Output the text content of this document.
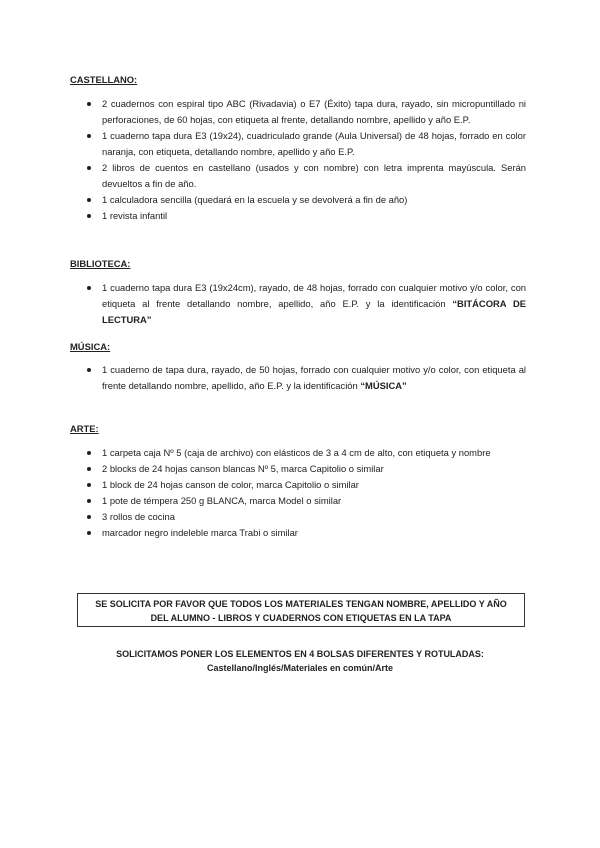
CASTELLANO:
2 cuadernos con espiral tipo ABC (Rivadavia) o E7 (Éxito) tapa dura, rayado, sin micropuntillado ni perforaciones, de 60 hojas, con etiqueta al frente, detallando nombre, apellido y año E.P.
1 cuaderno tapa dura E3 (19x24), cuadriculado grande (Aula Universal) de 48 hojas, forrado en color naranja, con etiqueta, detallando nombre, apellido y año E.P.
2 libros de cuentos en castellano (usados y con nombre) con letra imprenta mayúscula. Serán devueltos a fin de año.
1 calculadora sencilla (quedará en la escuela y se devolverá a fin de año)
1 revista infantil
BIBLIOTECA:
1 cuaderno tapa dura E3 (19x24cm), rayado, de 48 hojas, forrado con cualquier motivo y/o color, con etiqueta al frente detallando nombre, apellido, año E.P. y la identificación “BITÁCORA DE LECTURA”
MÚSICA:
1 cuaderno de tapa dura, rayado, de 50 hojas, forrado con cualquier motivo y/o color, con etiqueta al frente detallando nombre, apellido, año E.P. y la identificación “MÚSICA”
ARTE:
1 carpeta caja Nº 5 (caja de archivo) con elásticos de 3 a 4 cm de alto, con etiqueta y nombre
2 blocks de 24 hojas canson blancas Nº 5, marca Capitolio o similar
1 block de 24 hojas canson de color, marca Capitolio o similar
1 pote de témpera 250 g BLANCA, marca Model o similar
3 rollos de cocina
marcador negro indeleble marca Trabi o similar
SE SOLICITA POR FAVOR QUE TODOS LOS MATERIALES TENGAN NOMBRE, APELLIDO Y AÑO
DEL ALUMNO - LIBROS Y CUADERNOS CON ETIQUETAS EN LA TAPA
SOLICITAMOS PONER LOS ELEMENTOS EN 4 BOLSAS DIFERENTES Y ROTULADAS:
Castellano/Inglés/Materiales en común/Arte
